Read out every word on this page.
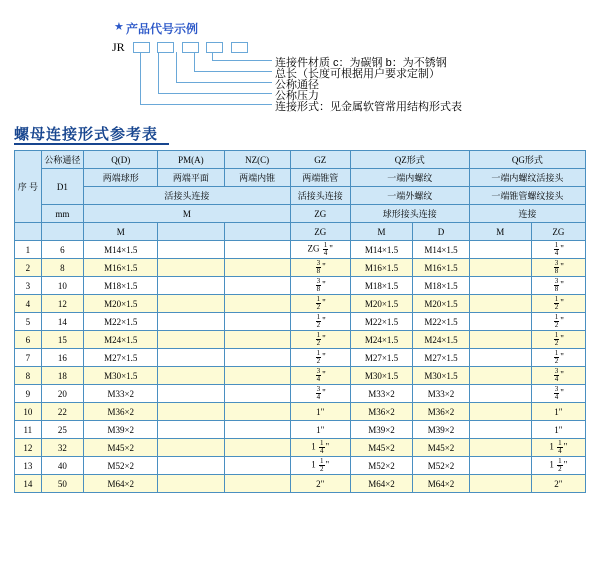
★ 产品代号示例
JR

连接件材质 c：为碳钢 b：为不锈钢
总长（长度可根据用户要求定制）
公称通径
公称压力
连接形式：见金属软管常用结构形式表
螺母连接形式参考表
序 号	公称通径	Q(D)	PM(A)	NZ(C)	GZ	QZ形式		QG形式	
	D1	两端球形	两端平面	两端内锥	两端锥管	一端内螺纹		一端内螺纹活接头	
		活接头连接			活接头连接	一端外螺纹		一端锥管螺纹接头	
	mm	M			ZG	球形接头连接		连接	
		M			ZG	M	D	M	ZG
1	6	M14×1.5			ZG $\frac{1}{4}$ "	M14×1.5	M14×1.5		$\frac{1}{4}$ "
2	8	M16×1.5			$\frac{3}{8}$ "	M16×1.5	M16×1.5		$\frac{3}{8}$ "
3	10	M18×1.5			$\frac{3}{8}$ "	M18×1.5	M18×1.5		$\frac{3}{8}$ "
4	12	M20×1.5			$\frac{1}{2}$ "	M20×1.5	M20×1.5		$\frac{1}{2}$ "
5	14	M22×1.5			$\frac{1}{2}$ "	M22×1.5	M22×1.5		$\frac{1}{2}$ "
6	15	M24×1.5			$\frac{1}{2}$ "	M24×1.5	M24×1.5		$\frac{1}{2}$ "
7	16	M27×1.5			$\frac{1}{2}$ "	M27×1.5	M27×1.5		$\frac{1}{2}$ "
8	18	M30×1.5			$\frac{3}{4}$ "	M30×1.5	M30×1.5		$\frac{3}{4}$ "
9	20	M33×2			$\frac{3}{4}$ "	M33×2	M33×2		$\frac{3}{4}$ "
10	22	M36×2			1"	M36×2	M36×2		1"
11	25	M39×2			1"	M39×2	M39×2		1"
12	32	M45×2			$1 \frac{1}{4}$ "	M45×2	M45×2		$1 \frac{1}{4}$ "
13	40	M52×2			$1 \frac{1}{2}$ "	M52×2	M52×2		$1 \frac{1}{2}$ "
14	50	M64×2			2"	M64×2	M64×2		2"
